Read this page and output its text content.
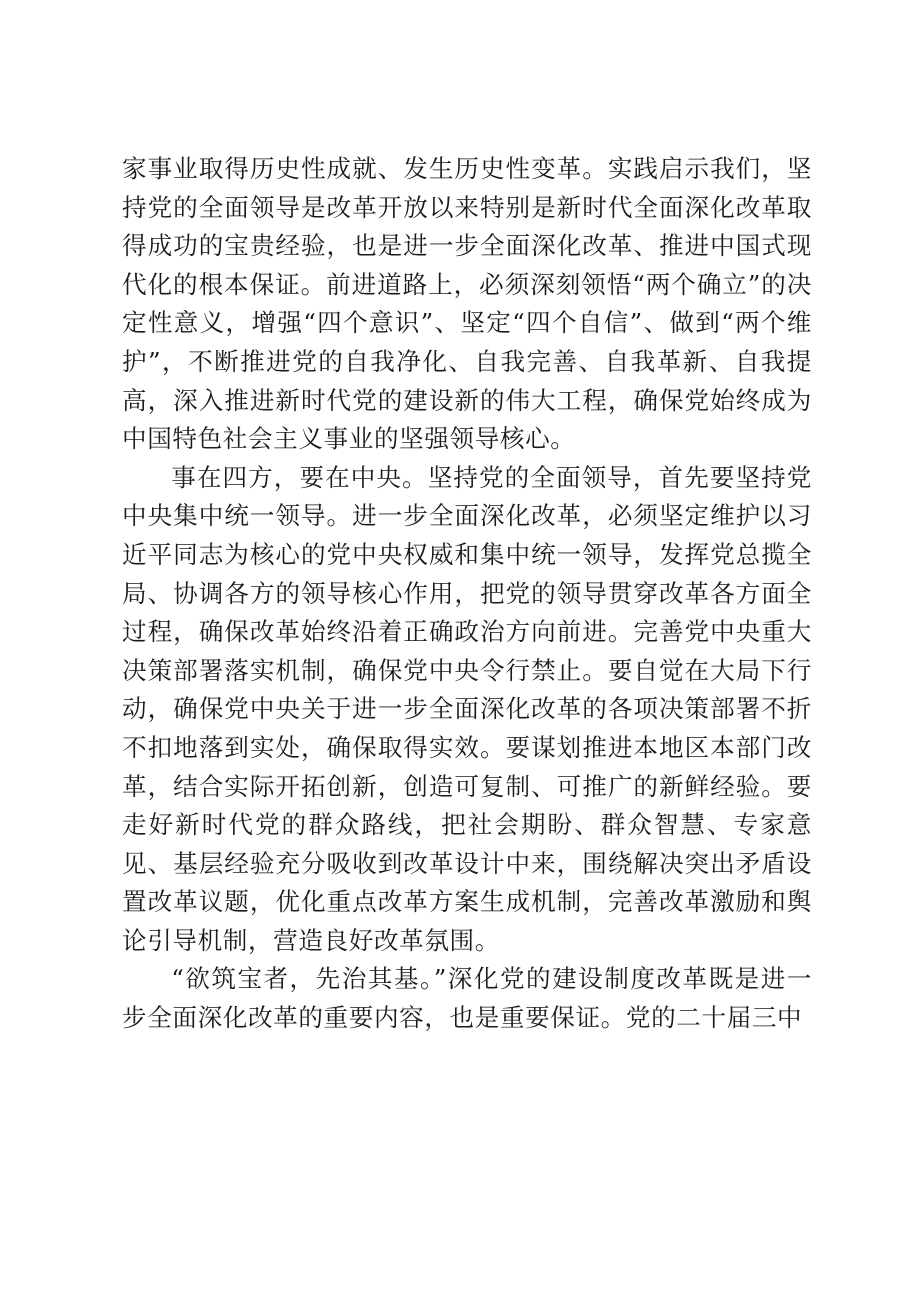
家事业取得历史性成就、发生历史性变革。实践启示我们，坚持党的全面领导是改革开放以来特别是新时代全面深化改革取得成功的宝贵经验，也是进一步全面深化改革、推进中国式现代化的根本保证。前进道路上，必须深刻领悟“两个确立”的决定性意义，增强“四个意识”、坚定“四个自信”、做到“两个维护”，不断推进党的自我净化、自我完善、自我革新、自我提高，深入推进新时代党的建设新的伟大工程，确保党始终成为中国特色社会主义事业的坚强领导核心。

事在四方，要在中央。坚持党的全面领导，首先要坚持党中央集中统一领导。进一步全面深化改革，必须坚定维护以习近平同志为核心的党中央权威和集中统一领导，发挥党总揽全局、协调各方的领导核心作用，把党的领导贯穿改革各方面全过程，确保改革始终沿着正确政治方向前进。完善党中央重大决策部署落实机制，确保党中央令行禁止。要自觉在大局下行动，确保党中央关于进一步全面深化改革的各项决策部署不折不扣地落到实处，确保取得实效。要谋划推进本地区本部门改革，结合实际开拓创新，创造可复制、可推广的新鲜经验。要走好新时代党的群众路线，把社会期盼、群众智慧、专家意见、基层经验充分吸收到改革设计中来，围绕解决突出矛盾设置改革议题，优化重点改革方案生成机制，完善改革激励和舆论引导机制，营造良好改革氛围。

“欲筑宝者，先治其基。”深化党的建设制度改革既是进一步全面深化改革的重要内容，也是重要保证。党的二十届三中
